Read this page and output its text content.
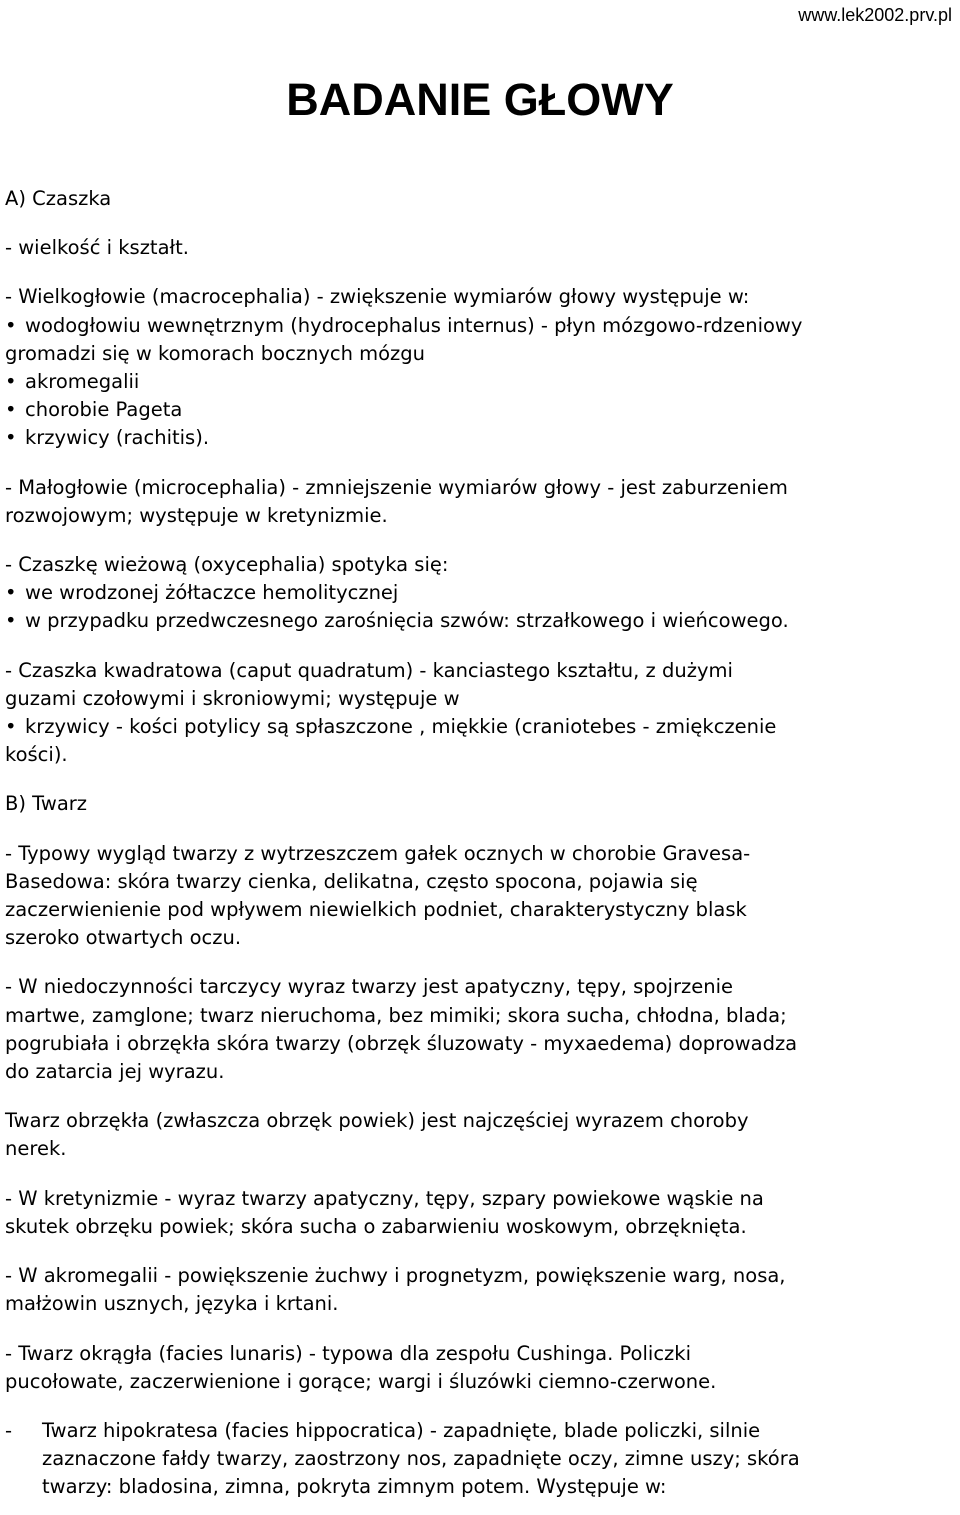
www.lek2002.prv.pl
BADANIE GŁOWY

A) Czaszka

- wielkość i kształt.

- Wielkogłowie (macrocephalia) - zwiększenie wymiarów głowy występuje w:

• wodogłowiu wewnętrznym (hydrocephalus internus) - płyn mózgowo-rdzeniowy

gromadzi się w komorach bocznych mózgu

• akromegalii

• chorobie Pageta

• krzywicy (rachitis).

- Małogłowie (microcephalia) - zmniejszenie wymiarów głowy - jest zaburzeniem

rozwojowym; występuje w kretynizmie.

- Czaszkę wieżową (oxycephalia) spotyka się:

• we wrodzonej żółtaczce hemolitycznej

• w przypadku przedwczesnego zarośnięcia szwów: strzałkowego i wieńcowego.

- Czaszka kwadratowa (caput quadratum) - kanciastego kształtu, z dużymi

guzami czołowymi i skroniowymi; występuje w

• krzywicy - kości potylicy są spłaszczone , miękkie (craniotebes - zmiękczenie

kości).

B) Twarz

- Typowy wygląd twarzy z wytrzeszczem gałek ocznych w chorobie Gravesa-

Basedowa: skóra twarzy cienka, delikatna, często spocona, pojawia się

zaczerwienienie pod wpływem niewielkich podniet, charakterystyczny blask

szeroko otwartych oczu.

- W niedoczynności tarczycy wyraz twarzy jest apatyczny, tępy, spojrzenie

martwe, zamglone; twarz nieruchoma, bez mimiki; skora sucha, chłodna, blada;

pogrubiała i obrzękła skóra twarzy (obrzęk śluzowaty - myxaedema) doprowadza

do zatarcia jej wyrazu.

Twarz obrzękła (zwłaszcza obrzęk powiek) jest najczęściej wyrazem choroby

nerek.

- W kretynizmie - wyraz twarzy apatyczny, tępy, szpary powiekowe wąskie na

skutek obrzęku powiek; skóra sucha o zabarwieniu woskowym, obrzęknięta.

- W akromegalii - powiększenie żuchwy i prognetyzm, powiększenie warg, nosa,

małżowin usznych, języka i krtani.

- Twarz okrągła (facies lunaris) - typowa dla zespołu Cushinga. Policzki

pucołowate, zaczerwienione i gorące; wargi i śluzówki ciemno-czerwone.

- Twarz hipokratesa (facies hippocratica) - zapadnięte, blade policzki, silnie

zaznaczone fałdy twarzy, zaostrzony nos, zapadnięte oczy, zimne uszy; skóra

twarzy: bladosina, zimna, pokryta zimnym potem. Występuje w:
